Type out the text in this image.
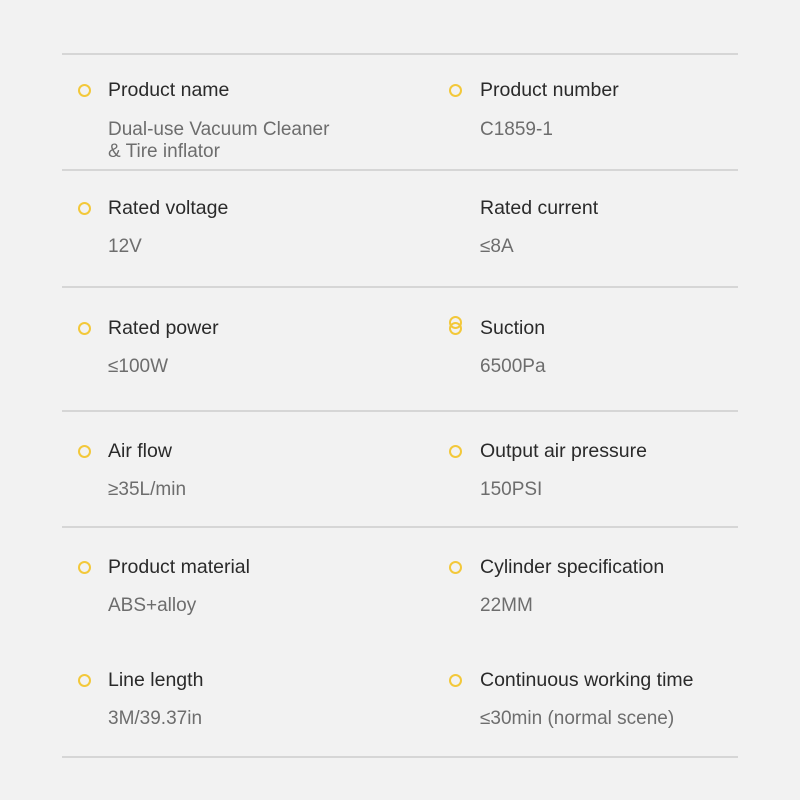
Product name
Dual-use Vacuum Cleaner
& Tire inflator
Product number
C1859-1
Rated voltage
12V
Rated current
≤8A
Rated power
≤100W
Suction
6500Pa
Air flow
≥35L/min
Output air pressure
150PSI
Product material
ABS+alloy
Cylinder specification
22MM
Line length
3M/39.37in
Continuous working time
≤30min (normal scene)
